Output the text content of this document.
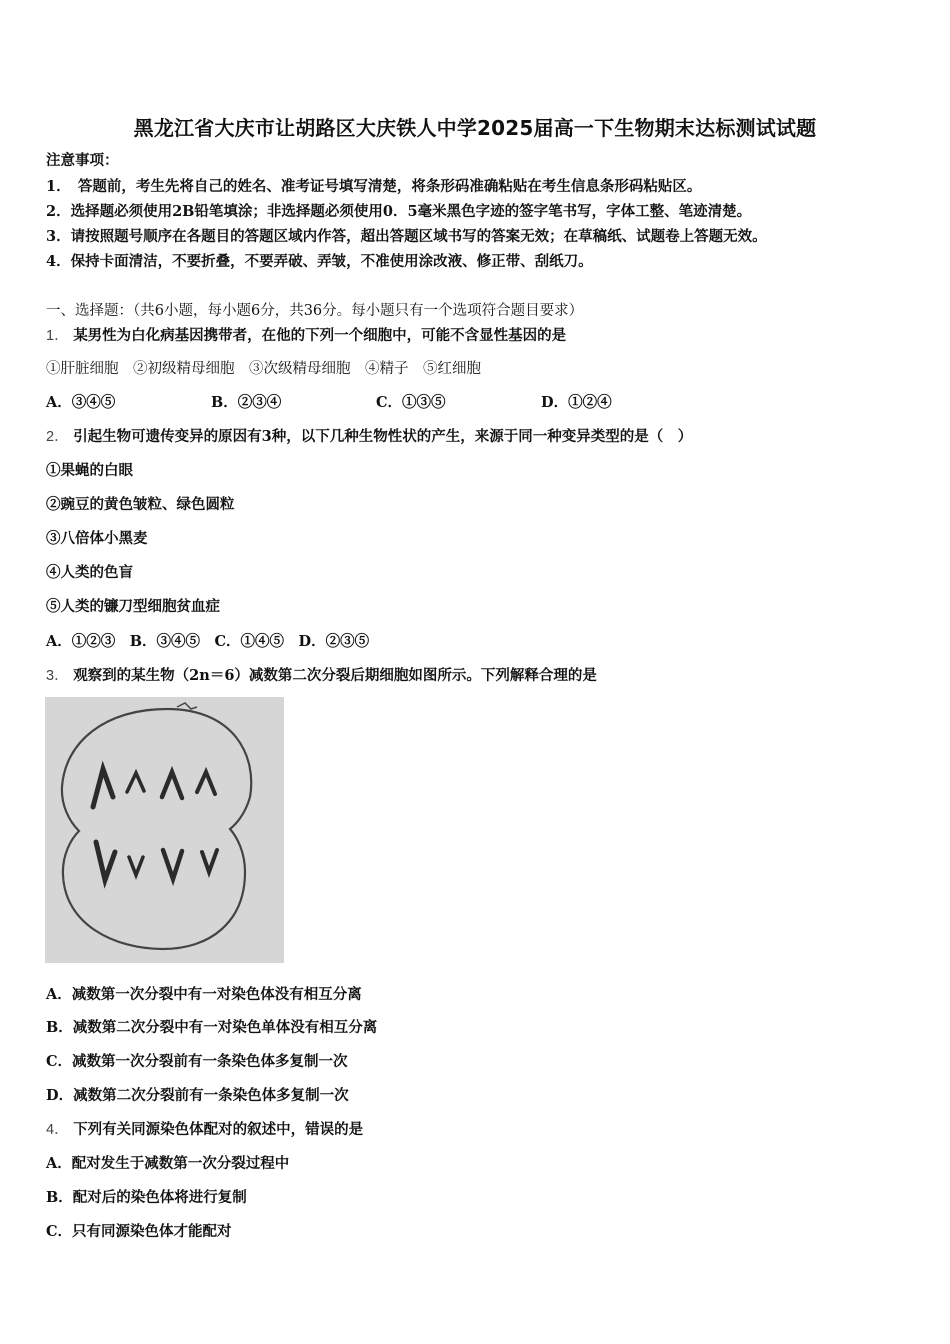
黑龙江省大庆市让胡路区大庆铁人中学2025届高一下生物期末达标测试试题
注意事项：
1．　答题前，考生先将自己的姓名、准考证号填写清楚，将条形码准确粘贴在考生信息条形码粘贴区。
2．选择题必须使用2B铅笔填涂；非选择题必须使用0．5毫米黑色字迹的签字笔书写，字体工整、笔迹清楚。
3．请按照题号顺序在各题目的答题区域内作答，超出答题区域书写的答案无效；在草稿纸、试题卷上答题无效。
4．保持卡面清洁，不要折叠，不要弄破、弄皱，不准使用涂改液、修正带、刮纸刀。
一、选择题：（共6小题，每小题6分，共36分。每小题只有一个选项符合题目要求）
1． 某男性为白化病基因携带者，在他的下列一个细胞中，可能不含显性基因的是
①肝脏细胞　②初级精母细胞　③次级精母细胞　④精子　⑤红细胞
A．③④⑤	B．②③④	C．①③⑤	D．①②④
2． 引起生物可遗传变异的原因有3种，以下几种生物性状的产生，来源于同一种变异类型的是（　）
①果蝇的白眼
②豌豆的黄色皱粒、绿色圆粒
③八倍体小黑麦
④人类的色盲
⑤人类的镰刀型细胞贫血症
A．①②③　B．③④⑤　C．①④⑤　D．②③⑤
3． 观察到的某生物（2n＝6）减数第二次分裂后期细胞如图所示。下列解释合理的是
A．减数第一次分裂中有一对染色体没有相互分离
B．减数第二次分裂中有一对染色单体没有相互分离
C．减数第一次分裂前有一条染色体多复制一次
D．减数第二次分裂前有一条染色体多复制一次
4． 下列有关同源染色体配对的叙述中，错误的是
A．配对发生于减数第一次分裂过程中
B．配对后的染色体将进行复制
C．只有同源染色体才能配对
